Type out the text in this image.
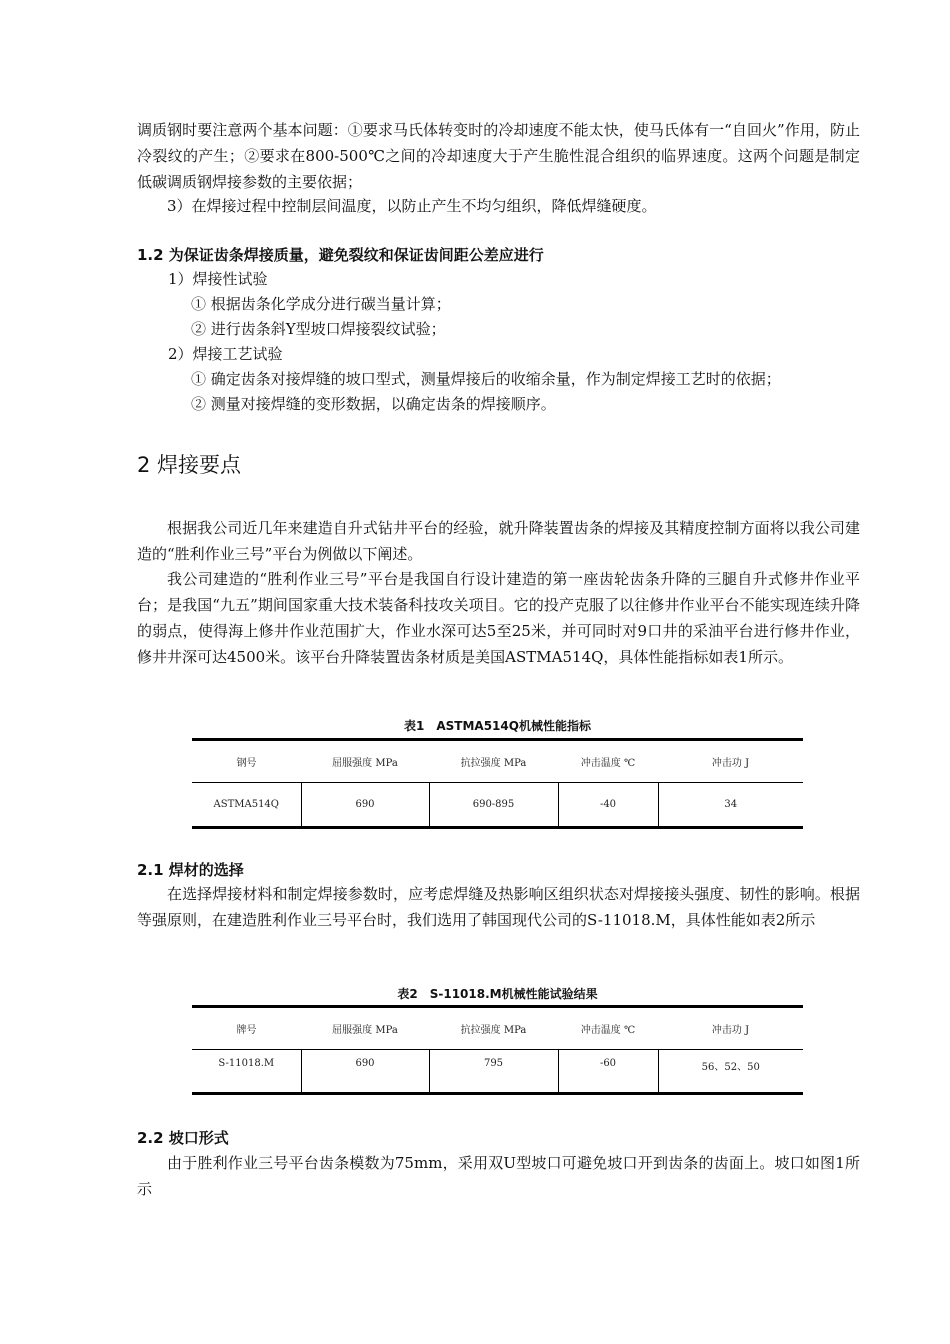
调质钢时要注意两个基本问题：①要求马氏体转变时的冷却速度不能太快，使马氏体有一“自回火”作用，防止冷裂纹的产生；②要求在800-500℃之间的冷却速度大于产生脆性混合组织的临界速度。这两个问题是制定低碳调质钢焊接参数的主要依据；

3）在焊接过程中控制层间温度，以防止产生不均匀组织，降低焊缝硬度。

1.2 为保证齿条焊接质量，避免裂纹和保证齿间距公差应进行

1）焊接性试验

① 根据齿条化学成分进行碳当量计算；

② 进行齿条斜Y型坡口焊接裂纹试验；

2）焊接工艺试验

① 确定齿条对接焊缝的坡口型式，测量焊接后的收缩余量，作为制定焊接工艺时的依据；

② 测量对接焊缝的变形数据，以确定齿条的焊接顺序。

2 焊接要点

根据我公司近几年来建造自升式钻井平台的经验，就升降装置齿条的焊接及其精度控制方面将以我公司建造的“胜利作业三号”平台为例做以下阐述。

我公司建造的“胜利作业三号”平台是我国自行设计建造的第一座齿轮齿条升降的三腿自升式修井作业平台；是我国“九五”期间国家重大技术装备科技攻关项目。它的投产克服了以往修井作业平台不能实现连续升降的弱点，使得海上修井作业范围扩大，作业水深可达5至25米，并可同时对9口井的采油平台进行修井作业，修井井深可达4500米。该平台升降装置齿条材质是美国ASTMA514Q，具体性能指标如表1所示。

表1　ASTMA514Q机械性能指标

钢号	屈服强度 MPa	抗拉强度 MPa	冲击温度 ℃	冲击功 J
ASTMA514Q	690	690-895	-40	34
2.1 焊材的选择

在选择焊接材料和制定焊接参数时，应考虑焊缝及热影响区组织状态对焊接接头强度、韧性的影响。根据等强原则，在建造胜利作业三号平台时，我们选用了韩国现代公司的S-11018.M，具体性能如表2所示

表2　S-11018.M机械性能试验结果

牌号	屈服强度 MPa	抗拉强度 MPa	冲击温度 ℃	冲击功 J
S-11018.M	690	795	-60	56、52、50
2.2 坡口形式

由于胜利作业三号平台齿条模数为75mm，采用双U型坡口可避免坡口开到齿条的齿面上。坡口如图1所示
